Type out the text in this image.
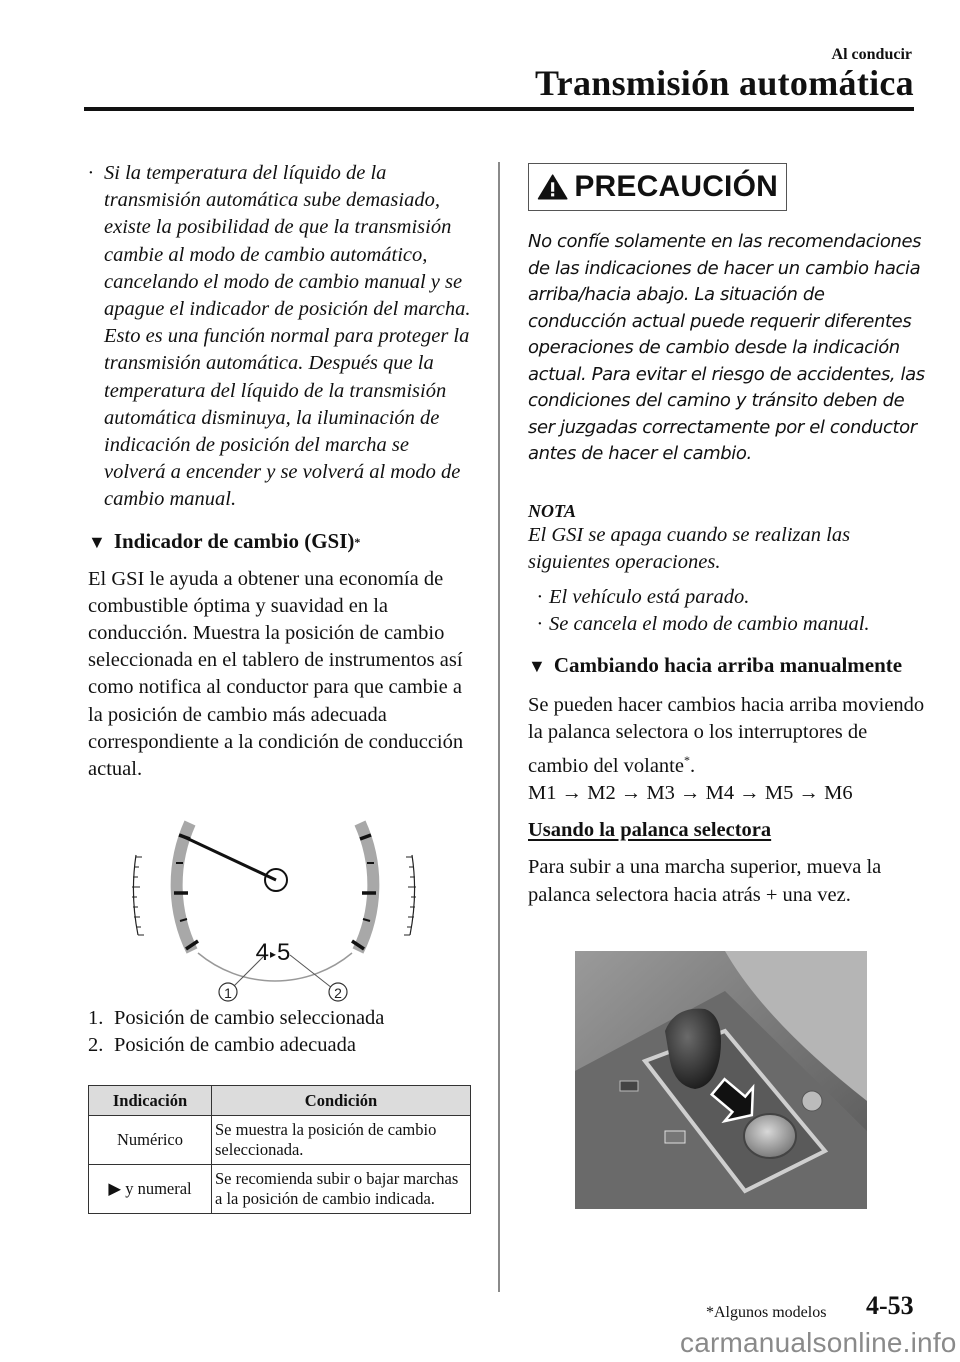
Al conducir
Transmisión automática
· Si la temperatura del líquido de la transmisión automática sube demasiado, existe la posibilidad de que la transmisión cambie al modo de cambio automático, cancelando el modo de cambio manual y se apague el indicador de posición del marcha. Esto es una función normal para proteger la transmisión automática. Después que la temperatura del líquido de la transmisión automática disminuya, la iluminación de indicación de posición del marcha se volverá a encender y se volverá al modo de cambio manual.
▼ Indicador de cambio (GSI)*
El GSI le ayuda a obtener una economía de combustible óptima y suavidad en la conducción. Muestra la posición de cambio seleccionada en el tablero de instrumentos así como notifica al conductor para que cambie a la posición de cambio más adecuada correspondiente a la condición de conducción actual.
1	2
4 ▸ 5
1. Posición de cambio seleccionada
2. Posición de cambio adecuada
Indicación	Condición
Numérico	Se muestra la posición de cambio seleccionada.
▶ y numeral	Se recomienda subir o bajar marchas a la posición de cambio indicada.
PRECAUCIÓN
No confíe solamente en las recomendaciones de las indicaciones de hacer un cambio hacia arriba/hacia abajo. La situación de conducción actual puede requerir diferentes operaciones de cambio desde la indicación actual. Para evitar el riesgo de accidentes, las condiciones del camino y tránsito deben de ser juzgadas correctamente por el conductor antes de hacer el cambio.
NOTA
El GSI se apaga cuando se realizan las siguientes operaciones.
· El vehículo está parado.
· Se cancela el modo de cambio manual.
▼ Cambiando hacia arriba manualmente
Se pueden hacer cambios hacia arriba moviendo la palanca selectora o los interruptores de cambio del volante*.
M1 → M2 → M3 → M4 → M5 → M6
Usando la palanca selectora
Para subir a una marcha superior, mueva la palanca selectora hacia atrás + una vez.
*Algunos modelos 4-53
carmanualsonline.info
